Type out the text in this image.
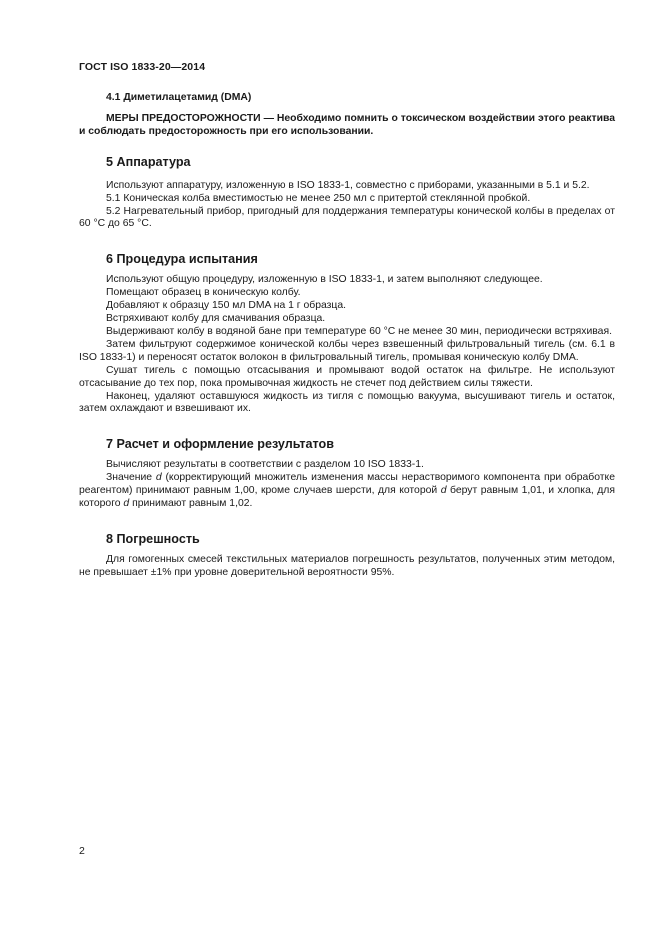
ГОСТ ISO 1833-20—2014

4.1 Диметилацетамид (DMA)

МЕРЫ ПРЕДОСТОРОЖНОСТИ — Необходимо помнить о токсическом воздействии этого реактива и соблюдать предосторожность при его использовании.

5 Аппаратура

Используют аппаратуру, изложенную в ISO 1833-1, совместно с приборами, указанными в 5.1 и 5.2.

5.1 Коническая колба вместимостью не менее 250 мл с притертой стеклянной пробкой.

5.2 Нагревательный прибор, пригодный для поддержания температуры конической колбы в пределах от 60 °C до 65 °C.

6 Процедура испытания

Используют общую процедуру, изложенную в ISO 1833-1, и затем выполняют следующее.

Помещают образец в коническую колбу.

Добавляют к образцу 150 мл DMA на 1 г образца.

Встряхивают колбу для смачивания образца.

Выдерживают колбу в водяной бане при температуре 60 °C не менее 30 мин, периодически встряхивая.

Затем фильтруют содержимое конической колбы через взвешенный фильтровальный тигель (см. 6.1 в ISO 1833-1) и переносят остаток волокон в фильтровальный тигель, промывая коническую колбу DMA.

Сушат тигель с помощью отсасывания и промывают водой остаток на фильтре. Не используют отсасывание до тех пор, пока промывочная жидкость не стечет под действием силы тяжести.

Наконец, удаляют оставшуюся жидкость из тигля с помощью вакуума, высушивают тигель и остаток, затем охлаждают и взвешивают их.

7 Расчет и оформление результатов

Вычисляют результаты в соответствии с разделом 10 ISO 1833-1.

Значение d (корректирующий множитель изменения массы нерастворимого компонента при обработке реагентом) принимают равным 1,00, кроме случаев шерсти, для которой d берут равным 1,01, и хлопка, для которого d принимают равным 1,02.

8 Погрешность

Для гомогенных смесей текстильных материалов погрешность результатов, полученных этим методом, не превышает ±1% при уровне доверительной вероятности 95%.

2
